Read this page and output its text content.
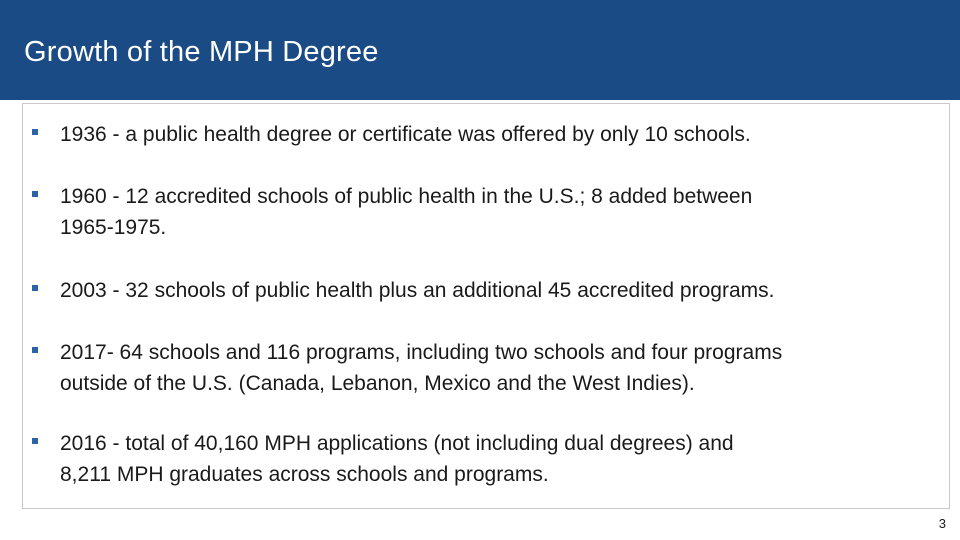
Growth of the MPH Degree
1936 - a public health degree or certificate was offered by only 10 schools.
1960 - 12 accredited schools of public health in the U.S.; 8 added between
1965-1975.
2003 - 32 schools of public health plus an additional 45 accredited programs.
2017- 64 schools and 116 programs, including two schools and four programs
outside of the U.S. (Canada, Lebanon, Mexico and the West Indies).
2016 - total of 40,160 MPH applications (not including dual degrees) and
8,211 MPH graduates across schools and programs.
3
